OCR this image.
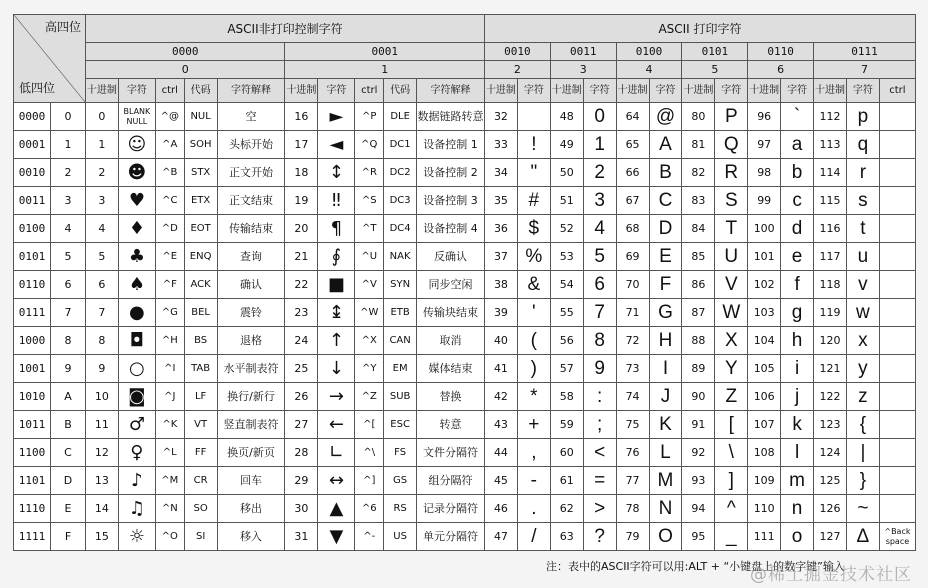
高四位
低四位		ASCII非打印控制字符										ASCII 打印字符												
		0000					0001					0010		0011		0100		0101		0110		0111		
		0					1					2		3		4		5		6		7		
		十进制	字符	ctrl	代码	字符解释	十进制	字符	ctrl	代码	字符解释	十进制	字符	十进制	字符	十进制	字符	十进制	字符	十进制	字符	十进制	字符	ctrl
0000	0	0	BLANK NULL	^@	NUL	空	16	►	^P	DLE	数据链路转意	32		48	0	64	@	80	P	96	`	112	p	
0001	1	1	☺	^A	SOH	头标开始	17	◄	^Q	DC1	设备控制 1	33	!	49	1	65	A	81	Q	97	a	113	q	
0010	2	2	☻	^B	STX	正文开始	18	↕	^R	DC2	设备控制 2	34	"	50	2	66	B	82	R	98	b	114	r	
0011	3	3	♥	^C	ETX	正文结束	19	‼	^S	DC3	设备控制 3	35	#	51	3	67	C	83	S	99	c	115	s	
0100	4	4	♦	^D	EOT	传输结束	20	¶	^T	DC4	设备控制 4	36	$	52	4	68	D	84	T	100	d	116	t	
0101	5	5	♣	^E	ENQ	查询	21	∮	^U	NAK	反确认	37	%	53	5	69	E	85	U	101	e	117	u	
0110	6	6	♠	^F	ACK	确认	22	■	^V	SYN	同步空闲	38	&	54	6	70	F	86	V	102	f	118	v	
0111	7	7	●	^G	BEL	震铃	23	↨	^W	ETB	传输块结束	39	'	55	7	71	G	87	W	103	g	119	w	
1000	8	8	◘	^H	BS	退格	24	↑	^X	CAN	取消	40	(	56	8	72	H	88	X	104	h	120	x	
1001	9	9	○	^I	TAB	水平制表符	25	↓	^Y	EM	媒体结束	41	)	57	9	73	I	89	Y	105	i	121	y	
1010	A	10	◙	^J	LF	换行/新行	26	→	^Z	SUB	替换	42	*	58	:	74	J	90	Z	106	j	122	z	
1011	B	11	♂	^K	VT	竖直制表符	27	←	^[	ESC	转意	43	+	59	;	75	K	91	[	107	k	123	{	
1100	C	12	♀	^L	FF	换页/新页	28	∟	^\	FS	文件分隔符	44	,	60	<	76	L	92	\	108	l	124	|	
1101	D	13	♪	^M	CR	回车	29	↔	^]	GS	组分隔符	45	-	61	=	77	M	93	]	109	m	125	}	
1110	E	14	♫	^N	SO	移出	30	▲	^6	RS	记录分隔符	46	.	62	>	78	N	94	^	110	n	126	~	
1111	F	15	☼	^O	SI	移入	31	▼	^-	US	单元分隔符	47	/	63	?	79	O	95	_	111	o	127	Δ	^Back space
注：表中的ASCII字符可以用:ALT + “小键盘上的数字键”输入
@稀土掘金技术社区
